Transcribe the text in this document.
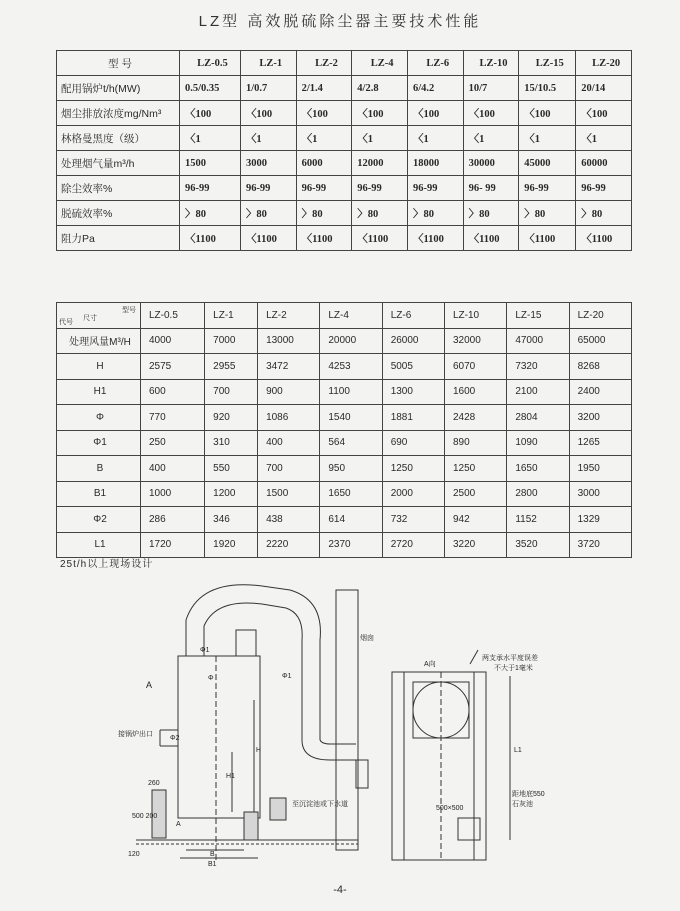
LZ型 高效脱硫除尘器主要技术性能
型 号	LZ-0.5	LZ-1	LZ-2	LZ-4	LZ-6	LZ-10	LZ-15	LZ-20
配用锅炉t/h(MW)	0.5/0.35	1/0.7	2/1.4	4/2.8	6/4.2	10/7	15/10.5	20/14
烟尘排放浓度mg/Nm³	〈100	〈100	〈100	〈100	〈100	〈100	〈100	〈100
林格曼黑度（级）	〈1	〈1	〈1	〈1	〈1	〈1	〈1	〈1
处理烟气量m³/h	1500	3000	6000	12000	18000	30000	45000	60000
除尘效率%	96-99	96-99	96-99	96-99	96-99	96- 99	96-99	96-99
脱硫效率%	〉80	〉80	〉80	〉80	〉80	〉80	〉80	〉80
阻力Pa	〈1100	〈1100	〈1100	〈1100	〈1100	〈1100	〈1100	〈1100
型号
尺寸
代号	LZ-0.5	LZ-1	LZ-2	LZ-4	LZ-6	LZ-10	LZ-15	LZ-20
处理风量M³/H	4000	7000	13000	20000	26000	32000	47000	65000
H	2575	2955	3472	4253	5005	6070	7320	8268
H1	600	700	900	1100	1300	1600	2100	2400
Φ	770	920	1086	1540	1881	2428	2804	3200
Φ1	250	310	400	564	690	890	1090	1265
B	400	550	700	950	1250	1250	1650	1950
B1	1000	1200	1500	1650	2000	2500	2800	3000
Φ2	286	346	438	614	732	942	1152	1329
L1	1720	1920	2220	2370	2720	3220	3520	3720
25t/h以上现场设计
A
Φ1
Φ	Φ1
H
H1
接锅炉出口
Φ2
烟囱
至沉淀池或下水道
260
500 200
120
A
B
B1
A向
两支承水平度误差
不大于1毫米
L1
500×500
距地底550
石灰池
-4-
